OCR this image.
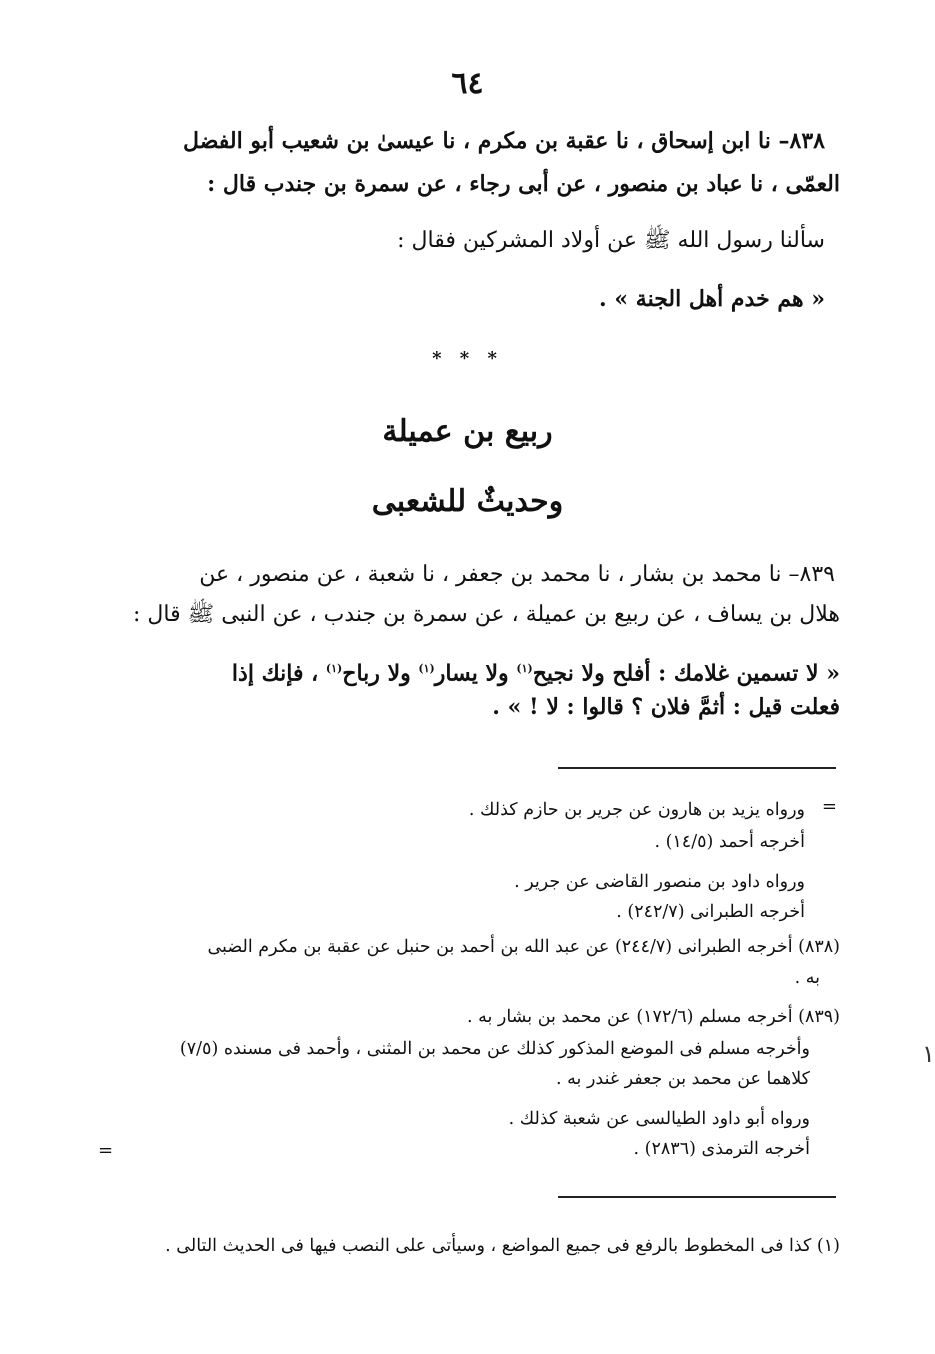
٦٤
٨٣٨– نا ابن إسحاق ، نا عقبة بن مكرم ، نا عيسىٰ بن شعيب أبو الفضل
العمّى ، نا عباد بن منصور ، عن أبى رجاء ، عن سمرة بن جندب قال :
سألنا رسول الله ﷺ عن أولاد المشركين فقال :
« هم خدم أهل الجنة » .
* * *
ربيع بن عميلة
وحديثٌ للشعبى
٨٣٩– نا محمد بن بشار ، نا محمد بن جعفر ، نا شعبة ، عن منصور ، عن
هلال بن يساف ، عن ربيع بن عميلة ، عن سمرة بن جندب ، عن النبى ﷺ قال :
« لا تسمين غلامك : أفلح ولا نجيح$^{(١)}$ ولا يسار$^{(١)}$ ولا رباح$^{(١)}$ ، فإنك إذا
فعلت قيل : أثمَّ فلان ؟ قالوا : لا ! » .
=
ورواه يزيد بن هارون عن جرير بن حازم كذلك .
أخرجه أحمد (١٤/٥) .
ورواه داود بن منصور القاضى عن جرير .
أخرجه الطبرانى (٢٤٢/٧) .
(٨٣٨) أخرجه الطبرانى (٢٤٤/٧) عن عبد الله بن أحمد بن حنبل عن عقبة بن مكرم الضبى
به .
(٨٣٩) أخرجه مسلم (١٧٢/٦) عن محمد بن بشار به .
وأخرجه مسلم فى الموضع المذكور كذلك عن محمد بن المثنى ، وأحمد فى مسنده (٧/٥)
كلاهما عن محمد بن جعفر غندر به .
ورواه أبو داود الطيالسى عن شعبة كذلك .
أخرجه الترمذى (٢٨٣٦) .
=
١
(١) كذا فى المخطوط بالرفع فى جميع المواضع ، وسيأتى على النصب فيها فى الحديث التالى .
